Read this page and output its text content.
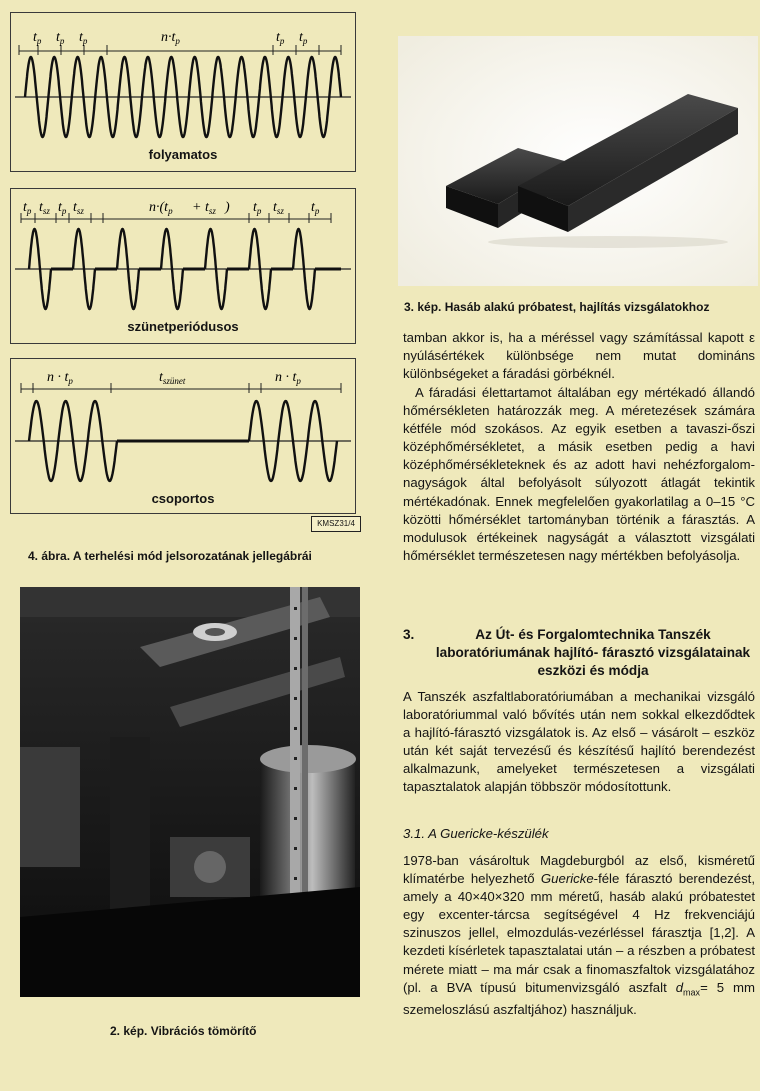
$t_p$ $t_p$ $t_p$	$n\cdot t_p$	$t_p$ $t_p$
folyamatos
$t_p$ $t_{sz}$ $t_p$ $t_{sz}$	$n\cdot(t_p + t_{sz}$ ) $t_p$ $t_{sz}$ $t_p$
szünetperiódusos
$n \cdot t_p$	$t_{szünet}$	$n \cdot t_p$
csoportos
KMSZ31/4
4. ábra. A terhelési mód jelsorozatának jellegábrái
2. kép. Vibrációs tömörítő
3. kép. Hasáb alakú próbatest, hajlítás vizsgálatokhoz
tamban akkor is, ha a méréssel vagy számítással kapott ε nyúlásértékek különbsége nem mutat domináns különbségeket a fáradási görbéknél.
A fáradási élettartamot általában egy mértékadó állandó hőmérsékleten határozzák meg. A méretezések számára kétféle mód szokásos. Az egyik esetben a tavaszi-őszi középhőmérsékletet, a másik esetben pedig a havi középhőmérsékleteknek és az adott havi nehézforgalom-nagyságok által befolyásolt súlyozott átlagát tekintik mértékadónak. Ennek megfelelően gyakorlatilag a 0–15 °C közötti hőmérséklet tartományban történik a fárasztás. A modulusok értékeinek nagyságát a választott vizsgálati hőmérséklet természetesen nagy mértékben befolyásolja.
3.	Az Út- és Forgalomtechnika Tanszék laboratóriumának hajlító- fárasztó vizsgálatainak eszközi és módja
A Tanszék aszfaltlaboratóriumában a mechanikai vizsgáló laboratóriummal való bővítés után nem sokkal elkezdődtek a hajlító-fárasztó vizsgálatok is. Az első – vásárolt – eszköz után két saját tervezésű és készítésű hajlító berendezést alkalmazunk, amelyeket természetesen a vizsgálati tapasztalatok alapján többször módosítottunk.
3.1. A Guericke-készülék
1978-ban vásároltuk Magdeburgból az első, kisméretű klímatérbe helyezhető Guericke-féle fárasztó berendezést, amely a 40×40×320 mm méretű, hasáb alakú próbatestet egy excenter-tárcsa segítségével 4 Hz frekvenciájú szinuszos jellel, elmozdulás-vezérléssel fárasztja [1,2]. A kezdeti kísérletek tapasztalatai után – a részben a próbatest mérete miatt – ma már csak a finomaszfaltok vizsgálatához (pl. a BVA típusú bitumenvizsgáló aszfalt $d_{max}= 5$ mm szemeloszlású aszfaltjához) használjuk.
